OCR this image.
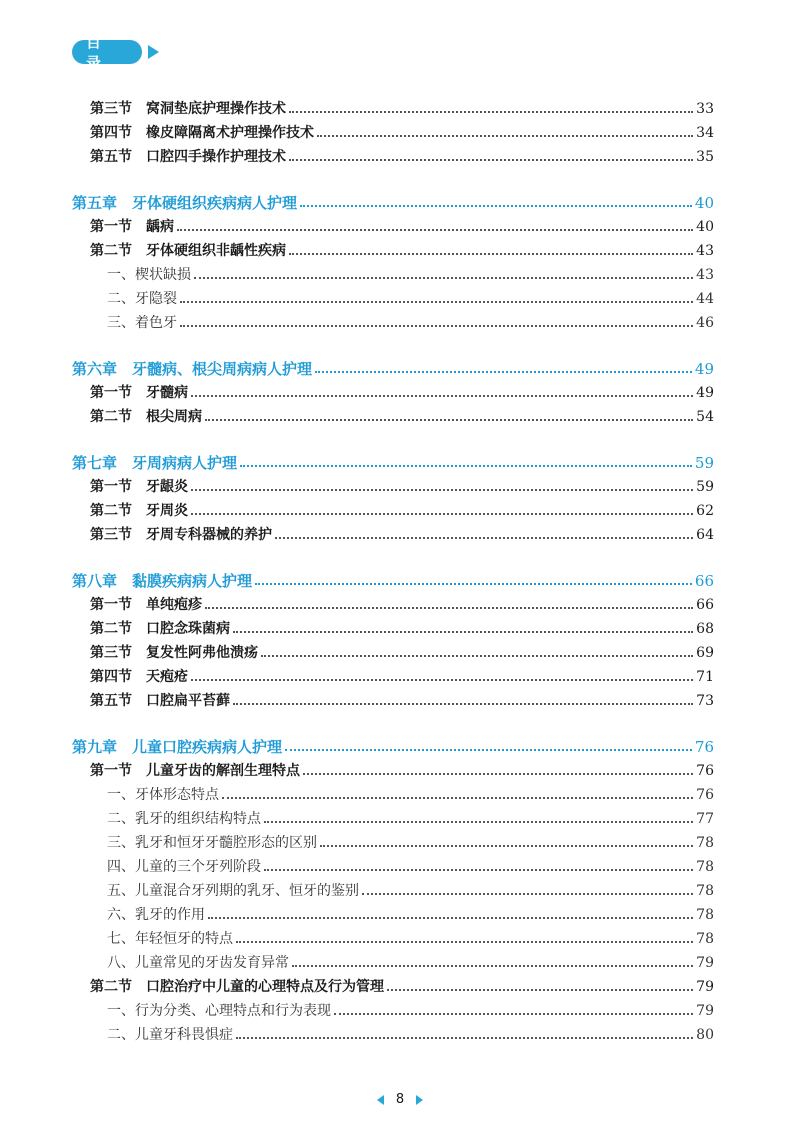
目录
第三节　窝洞垫底护理操作技术	33
第四节　橡皮障隔离术护理操作技术	34
第五节　口腔四手操作护理技术	35
第五章　牙体硬组织疾病病人护理	40
第一节　龋病	40
第二节　牙体硬组织非龋性疾病	43
一、楔状缺损	43
二、牙隐裂	44
三、着色牙	46
第六章　牙髓病、根尖周病病人护理	49
第一节　牙髓病	49
第二节　根尖周病	54
第七章　牙周病病人护理	59
第一节　牙龈炎	59
第二节　牙周炎	62
第三节　牙周专科器械的养护	64
第八章　黏膜疾病病人护理	66
第一节　单纯疱疹	66
第二节　口腔念珠菌病	68
第三节　复发性阿弗他溃疡	69
第四节　天疱疮	71
第五节　口腔扁平苔藓	73
第九章　儿童口腔疾病病人护理	76
第一节　儿童牙齿的解剖生理特点	76
一、牙体形态特点	76
二、乳牙的组织结构特点	77
三、乳牙和恒牙牙髓腔形态的区别	78
四、儿童的三个牙列阶段	78
五、儿童混合牙列期的乳牙、恒牙的鉴别	78
六、乳牙的作用	78
七、年轻恒牙的特点	78
八、儿童常见的牙齿发育异常	79
第二节　口腔治疗中儿童的心理特点及行为管理	79
一、行为分类、心理特点和行为表现	79
二、儿童牙科畏惧症	80
8
